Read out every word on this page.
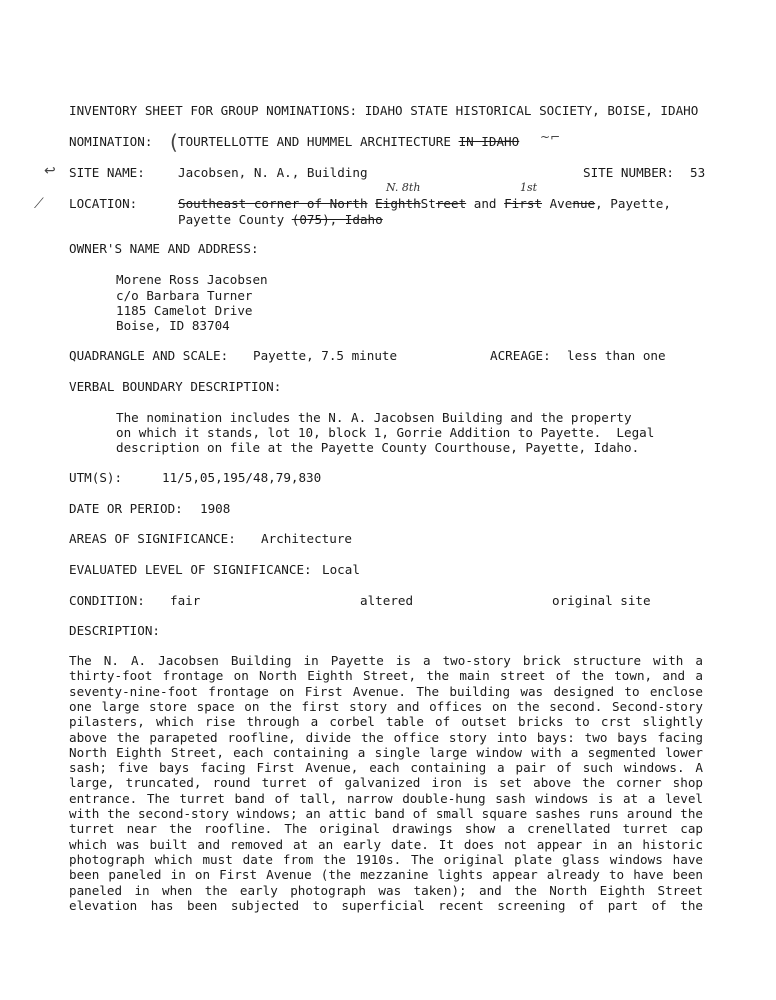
INVENTORY SHEET FOR GROUP NOMINATIONS: IDAHO STATE HISTORICAL SOCIETY, BOISE, IDAHO
NOMINATION: ( TOURTELLOTTE AND HUMMEL ARCHITECTURE IN IDAHO ~⌐
↩ SITE NAME:	Jacobsen, N. A., Building	SITE NUMBER: 53
N. 8th	1st
⟋ LOCATION:	Southeast corner of North EighthStreet and First Avenue, Payette,
Payette County (075), Idaho
OWNER'S NAME AND ADDRESS:
Morene Ross Jacobsen
c/o Barbara Turner
1185 Camelot Drive
Boise, ID 83704
QUADRANGLE AND SCALE: Payette, 7.5 minute	ACREAGE: less than one
VERBAL BOUNDARY DESCRIPTION:
The nomination includes the N. A. Jacobsen Building and the property
on which it stands, lot 10, block 1, Gorrie Addition to Payette.  Legal
description on file at the Payette County Courthouse, Payette, Idaho.
UTM(S):	11/5,05,195/48,79,830
DATE OR PERIOD: 1908
AREAS OF SIGNIFICANCE: Architecture
EVALUATED LEVEL OF SIGNIFICANCE: Local
CONDITION: fair	altered	original site
DESCRIPTION:
The N. A. Jacobsen Building in Payette is a two-story brick structure with a
thirty-foot frontage on North Eighth Street, the main street of the town, and a
seventy-nine-foot frontage on First Avenue. The building was designed to enclose
one large store space on the first story and offices on the second. Second-story
pilasters, which rise through a corbel table of outset bricks to crst slightly
above the parapeted roofline, divide the office story into bays: two bays facing
North Eighth Street, each containing a single large window with a segmented lower
sash; five bays facing First Avenue, each containing a pair of such windows. A
large, truncated, round turret of galvanized iron is set above the corner shop
entrance. The turret band of tall, narrow double-hung sash windows is at a level
with the second-story windows; an attic band of small square sashes runs around the
turret near the roofline. The original drawings show a crenellated turret cap
which was built and removed at an early date. It does not appear in an historic
photograph which must date from the 1910s. The original plate glass windows have
been paneled in on First Avenue (the mezzanine lights appear already to have been
paneled in when the early photograph was taken); and the North Eighth Street
elevation has been subjected to superficial recent screening of part of the
